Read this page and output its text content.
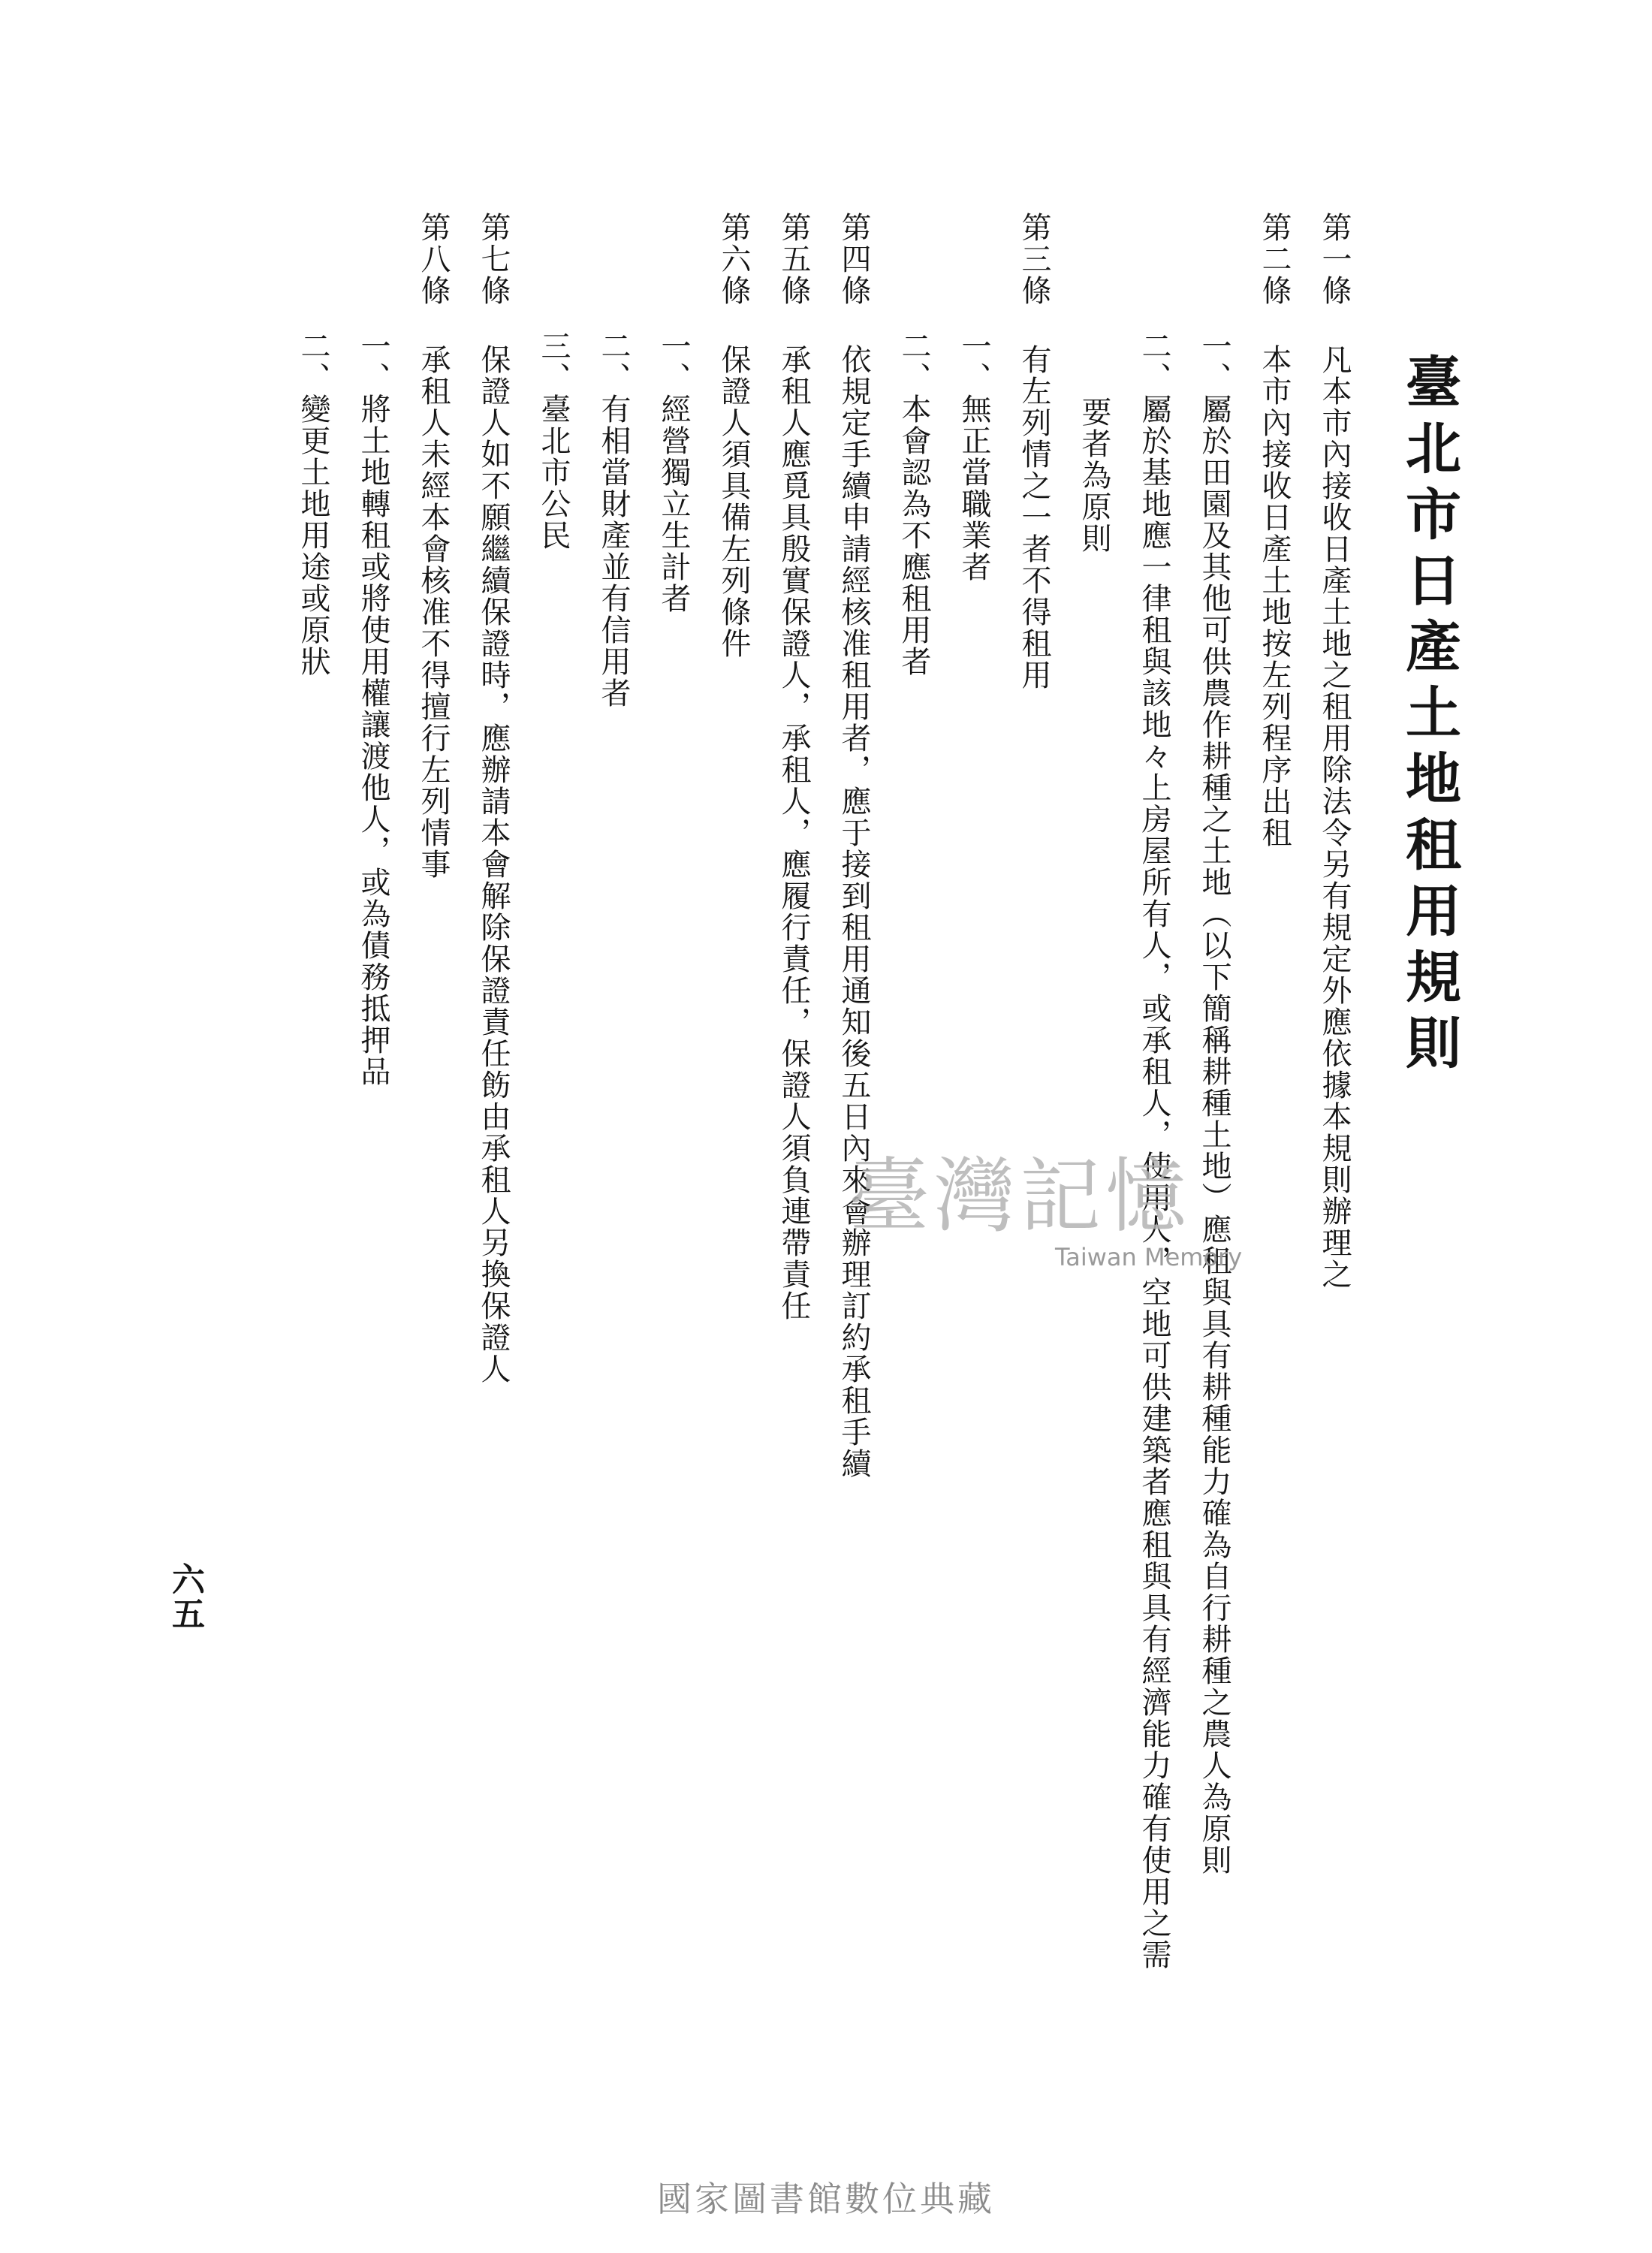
臺北市日產土地租用規則

第一條

凡本市內接收日產土地之租用除法令另有規定外應依據本規則辦理之

第二條

本市內接收日產土地按左列程序出租

一、屬於田園及其他可供農作耕種之土地（以下簡稱耕種土地）應租與具有耕種能力確為自行耕種之農人為原則

二、屬於基地應一律租與該地々上房屋所有人，或承租人，使用人，空地可供建築者應租與具有經濟能力確有使用之需

要者為原則

第三條

有左列情之一者不得租用

一、無正當職業者

二、本會認為不應租用者

第四條

依規定手續申請經核准租用者，應于接到租用通知後五日內來會辦理訂約承租手續

第五條

承租人應覓具殷實保證人，承租人，應履行責任，保證人須負連帶責任

第六條

保證人須具備左列條件

一、經營獨立生計者

二、有相當財產並有信用者

三、臺北市公民

第七條

保證人如不願繼續保證時，應辦請本會解除保證責任飭由承租人另換保證人

第八條

承租人未經本會核准不得擅行左列情事

一、將土地轉租或將使用權讓渡他人，或為債務抵押品

二、變更土地用途或原狀

六五

臺灣記憶
Taiwan Memory

國家圖書館數位典藏
